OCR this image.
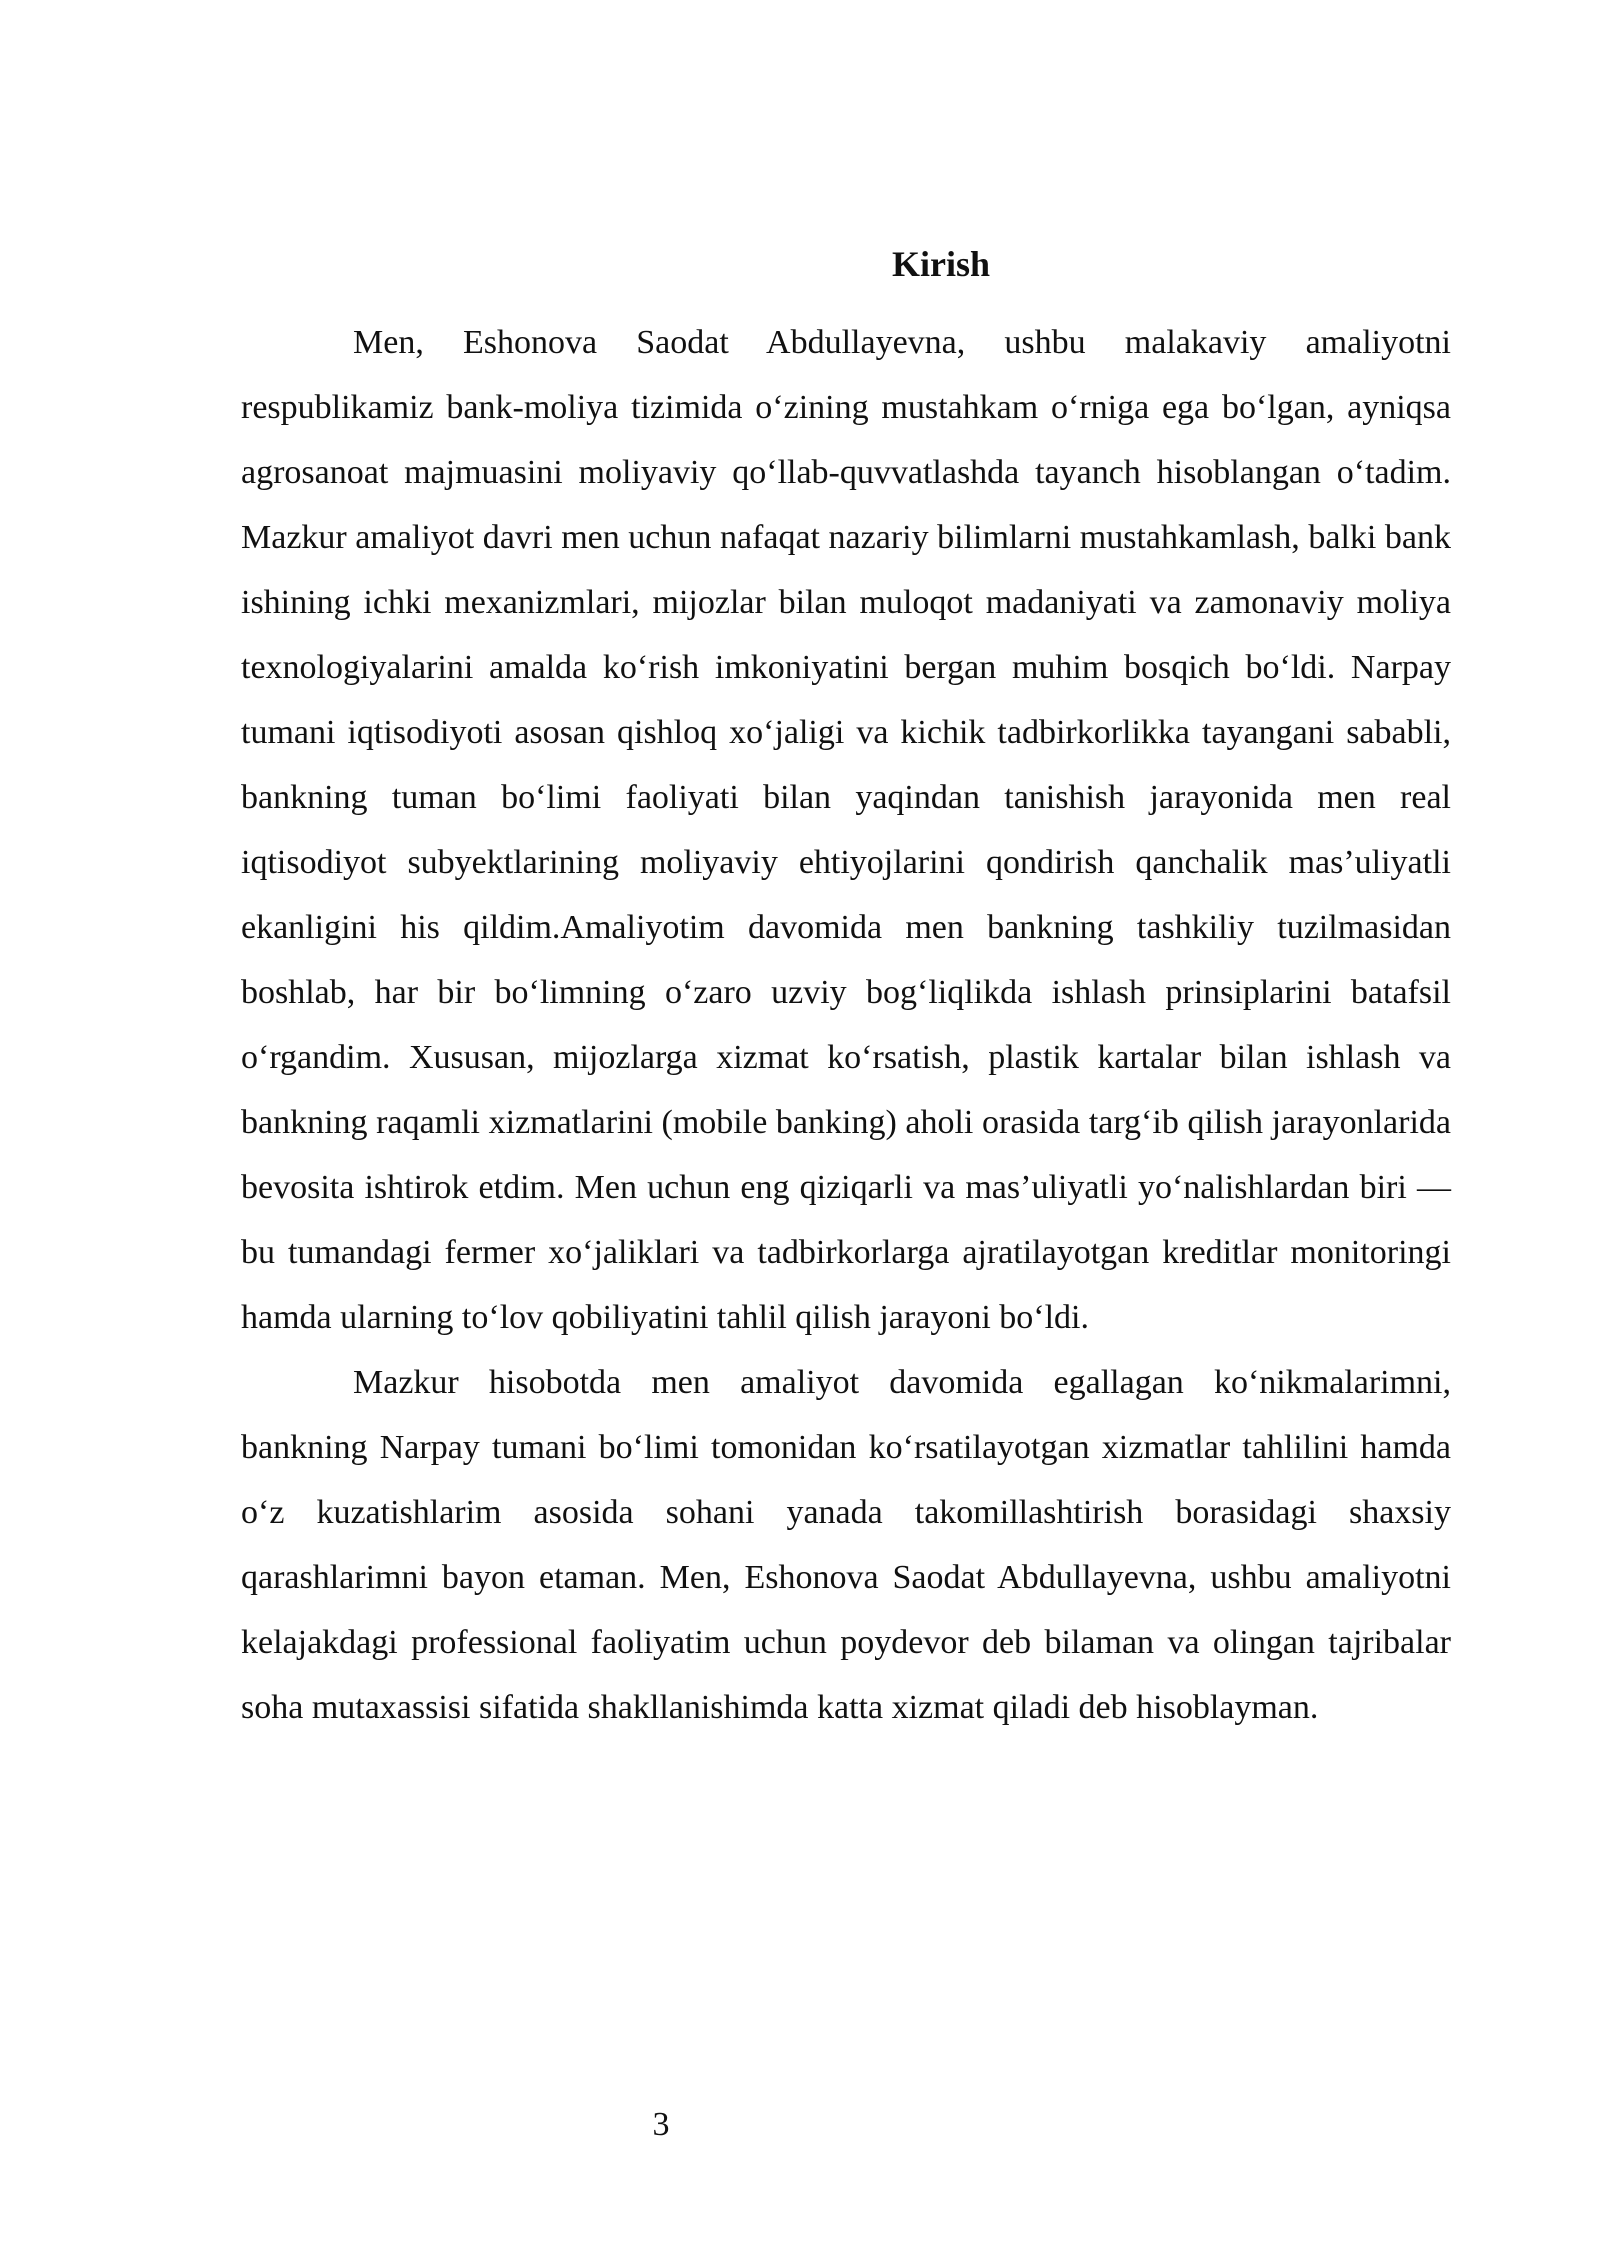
Kirish

Men, Eshonova Saodat Abdullayevna, ushbu malakaviy amaliyotni respublikamiz bank-moliya tizimida o‘zining mustahkam o‘rniga ega bo‘lgan, ayniqsa agrosanoat majmuasini moliyaviy qo‘llab-quvvatlashda tayanch hisoblangan o‘tadim. Mazkur amaliyot davri men uchun nafaqat nazariy bilimlarni mustahkamlash, balki bank ishining ichki mexanizmlari, mijozlar bilan muloqot madaniyati va zamonaviy moliya texnologiyalarini amalda ko‘rish imkoniyatini bergan muhim bosqich bo‘ldi. Narpay tumani iqtisodiyoti asosan qishloq xo‘jaligi va kichik tadbirkorlikka tayangani sababli, bankning tuman bo‘limi faoliyati bilan yaqindan tanishish jarayonida men real iqtisodiyot subyektlarining moliyaviy ehtiyojlarini qondirish qanchalik mas’uliyatli ekanligini his qildim.Amaliyotim davomida men bankning tashkiliy tuzilmasidan boshlab, har bir bo‘limning o‘zaro uzviy bog‘liqlikda ishlash prinsiplarini batafsil o‘rgandim. Xususan, mijozlarga xizmat ko‘rsatish, plastik kartalar bilan ishlash va bankning raqamli xizmatlarini (mobile banking) aholi orasida targ‘ib qilish jarayonlarida bevosita ishtirok etdim. Men uchun eng qiziqarli va mas’uliyatli yo‘nalishlardan biri — bu tumandagi fermer xo‘jaliklari va tadbirkorlarga ajratilayotgan kreditlar monitoringi hamda ularning to‘lov qobiliyatini tahlil qilish jarayoni bo‘ldi.

Mazkur hisobotda men amaliyot davomida egallagan ko‘nikmalarimni, bankning Narpay tumani bo‘limi tomonidan ko‘rsatilayotgan xizmatlar tahlilini hamda o‘z kuzatishlarim asosida sohani yanada takomillashtirish borasidagi shaxsiy qarashlarimni bayon etaman. Men, Eshonova Saodat Abdullayevna, ushbu amaliyotni kelajakdagi professional faoliyatim uchun poydevor deb bilaman va olingan tajribalar soha mutaxassisi sifatida shakllanishimda katta xizmat qiladi deb hisoblayman.

3
